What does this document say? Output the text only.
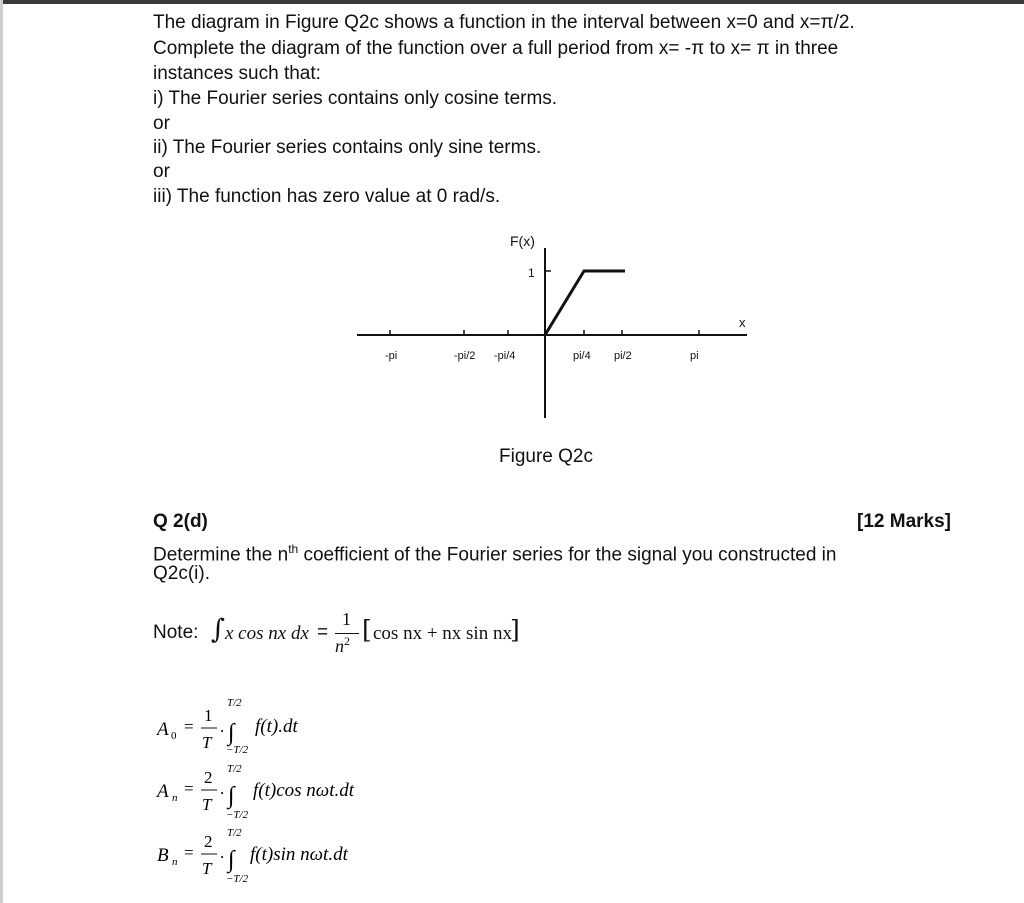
The diagram in Figure Q2c shows a function in the interval between x=0 and x=π/2.
Complete the diagram of the function over a full period from x= -π to x= π in three
instances such that:
i) The Fourier series contains only cosine terms.
or
ii) The Fourier series contains only sine terms.
or
iii) The function has zero value at 0 rad/s.
F(x)
x
1
-pi	-pi/2 -pi/4	pi/4 pi/2	pi
Figure Q2c
Q 2(d)	[12 Marks]
Determine the $n^{th}$ coefficient of the Fourier series for the signal you constructed in
Q2c(i).
Note: ∫ x cos nx dx =
1
$n^2$ [ cos nx + nx sin nx
]
A 0 =
1
T
.
T/2
∫
−T/2
f(t).dt
A n =
2
T
.
T/2
∫
−T/2
f(t)cos nωt.dt
B n =
2
T
.
T/2
∫
−T/2
f(t)sin nωt.dt
